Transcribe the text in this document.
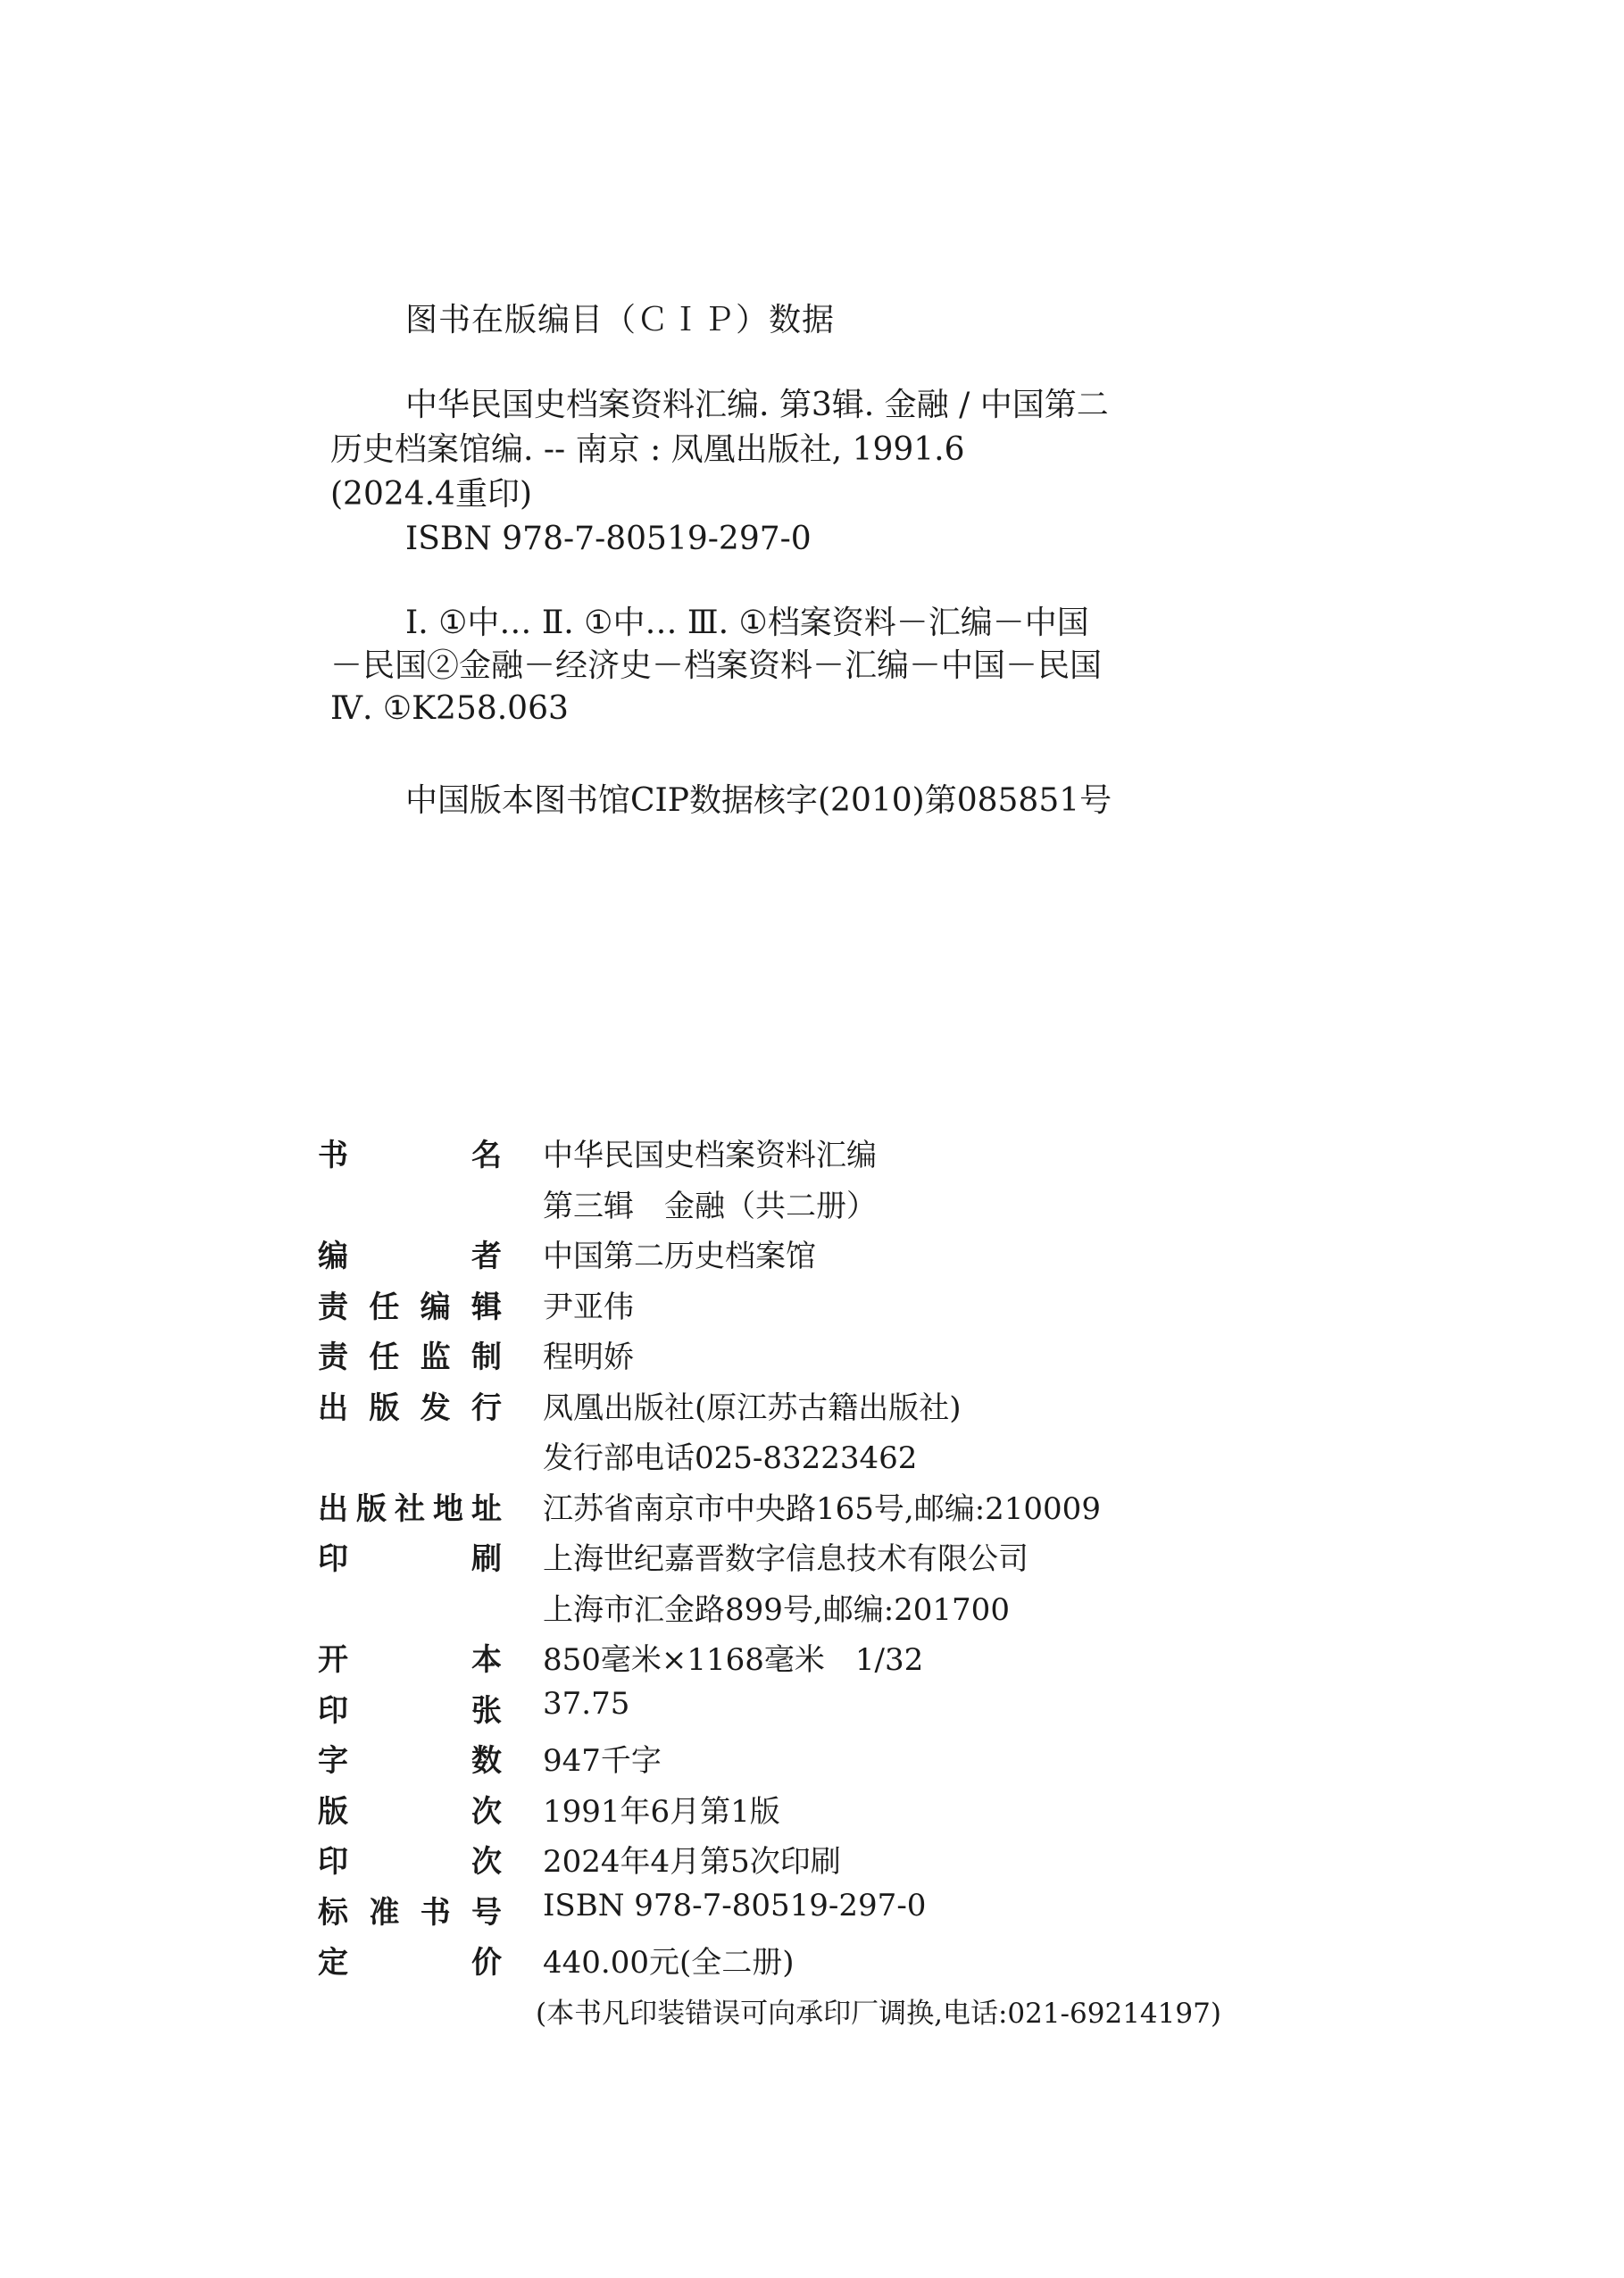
图书在版编目（ＣＩＰ）数据
中华民国史档案资料汇编. 第3辑. 金融 / 中国第二
历史档案馆编. -- 南京 : 凤凰出版社, 1991.6
(2024.4重印)
ISBN 978-7-80519-297-0
Ⅰ. ①中… Ⅱ. ①中… Ⅲ. ①档案资料－汇编－中国
－民国②金融－经济史－档案资料－汇编－中国－民国
Ⅳ. ①K258.063
中国版本图书馆CIP数据核字(2010)第085851号
书	名 中华民国史档案资料汇编
第三辑　金融（共二册）
编	者 中国第二历史档案馆
责 任 编 辑 尹亚伟
责 任 监 制 程明娇
出 版 发 行 凤凰出版社(原江苏古籍出版社)
发行部电话025-83223462
出 版 社 地 址 江苏省南京市中央路165号,邮编:210009
印	刷 上海世纪嘉晋数字信息技术有限公司
上海市汇金路899号,邮编:201700
开	本 850毫米×1168毫米　1/32
印	张 37.75
字	数 947千字
版	次 1991年6月第1版
印	次 2024年4月第5次印刷
标 准 书 号 ISBN 978-7-80519-297-0
定	价 440.00元(全二册)
(本书凡印装错误可向承印厂调换,电话:021-69214197)
